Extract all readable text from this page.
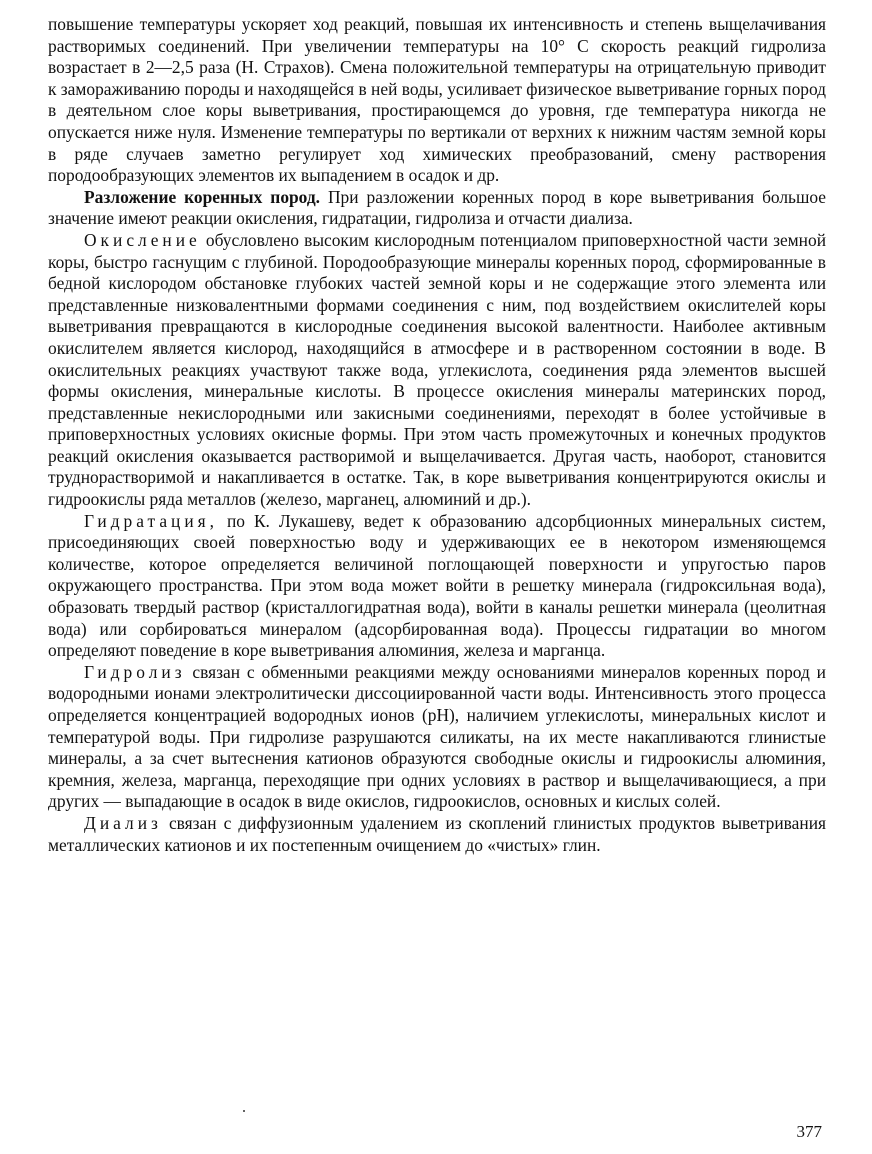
повышение температуры ускоряет ход реакций, повышая их интенсивность и степень выщелачивания растворимых соединений. При увеличении температуры на 10° С скорость реакций гидролиза возрастает в 2—2,5 раза (Н. Страхов). Смена положительной температуры на отрицательную приводит к замораживанию породы и находящейся в ней воды, усиливает физическое выветривание горных пород в деятельном слое коры выветривания, простирающемся до уровня, где температура никогда не опускается ниже нуля. Изменение температуры по вертикали от верхних к нижним частям земной коры в ряде случаев заметно регулирует ход химических преобразований, смену растворения породообразующих элементов их выпадением в осадок и др.

Разложение коренных пород. При разложении коренных пород в коре выветривания большое значение имеют реакции окисления, гидратации, гидролиза и отчасти диализа.

Окисление обусловлено высоким кислородным потенциалом приповерхностной части земной коры, быстро гаснущим с глубиной. Породообразующие минералы коренных пород, сформированные в бедной кислородом обстановке глубоких частей земной коры и не содержащие этого элемента или представленные низковалентными формами соединения с ним, под воздействием окислителей коры выветривания превращаются в кислородные соединения высокой валентности. Наиболее активным окислителем является кислород, находящийся в атмосфере и в растворенном состоянии в воде. В окислительных реакциях участвуют также вода, углекислота, соединения ряда элементов высшей формы окисления, минеральные кислоты. В процессе окисления минералы материнских пород, представленные некислородными или закисными соединениями, переходят в более устойчивые в приповерхностных условиях окисные формы. При этом часть промежуточных и конечных продуктов реакций окисления оказывается растворимой и выщелачивается. Другая часть, наоборот, становится труднорастворимой и накапливается в остатке. Так, в коре выветривания концентрируются окислы и гидроокислы ряда металлов (железо, марганец, алюминий и др.).

Гидратация, по К. Лукашеву, ведет к образованию адсорбционных минеральных систем, присоединяющих своей поверхностью воду и удерживающих ее в некотором изменяющемся количестве, которое определяется величиной поглощающей поверхности и упругостью паров окружающего пространства. При этом вода может войти в решетку минерала (гидроксильная вода), образовать твердый раствор (кристаллогидратная вода), войти в каналы решетки минерала (цеолитная вода) или сорбироваться минералом (адсорбированная вода). Процессы гидратации во многом определяют поведение в коре выветривания алюминия, железа и марганца.

Гидролиз связан с обменными реакциями между основаниями минералов коренных пород и водородными ионами электролитически диссоциированной части воды. Интенсивность этого процесса определяется концентрацией водородных ионов (pH), наличием углекислоты, минеральных кислот и температурой воды. При гидролизе разрушаются силикаты, на их месте накапливаются глинистые минералы, а за счет вытеснения катионов образуются свободные окислы и гидроокислы алюминия, кремния, железа, марганца, переходящие при одних условиях в раствор и выщелачивающиеся, а при других — выпадающие в осадок в виде окислов, гидроокислов, основных и кислых солей.

Диализ связан с диффузионным удалением из скоплений глинистых продуктов выветривания металлических катионов и их постепенным очищением до «чистых» глин.

377
